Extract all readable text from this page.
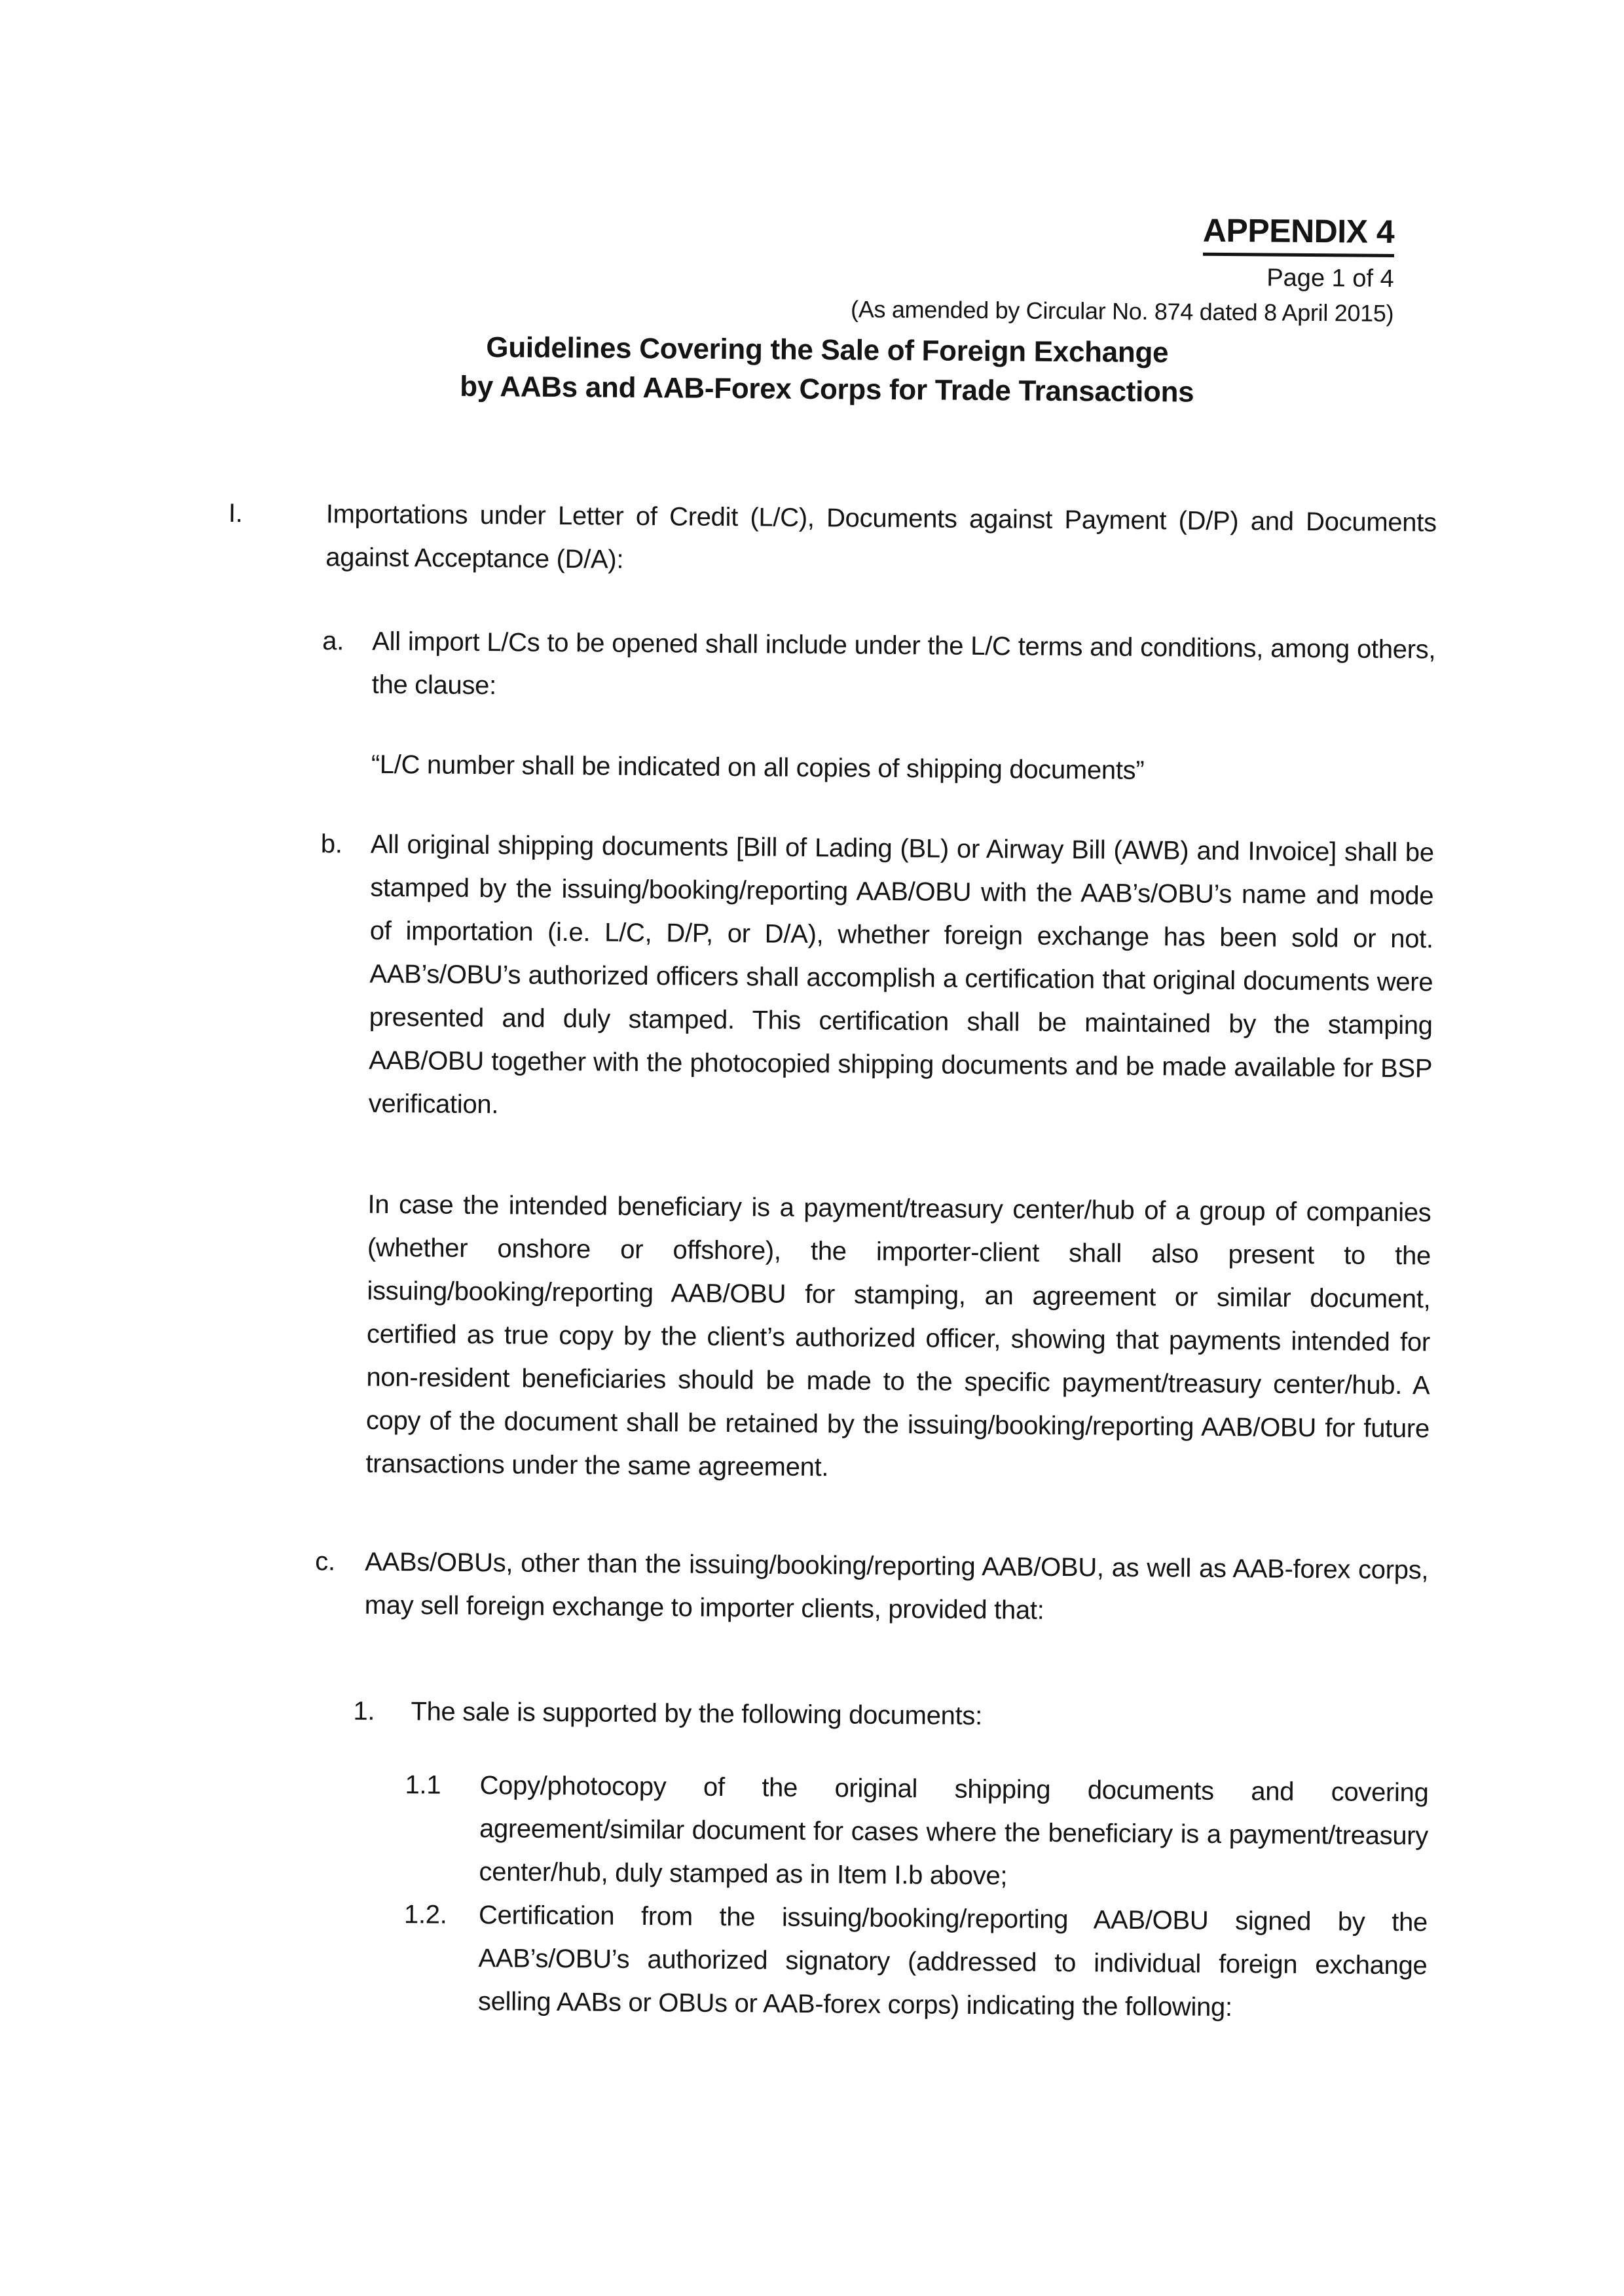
APPENDIX 4
Page 1 of 4
(As amended by Circular No. 874 dated 8 April 2015)
Guidelines Covering the Sale of Foreign Exchange
by AABs and AAB-Forex Corps for Trade Transactions
I.	Importations under Letter of Credit (L/C), Documents against Payment (D/P) and Documents against Acceptance (D/A):
a. All import L/Cs to be opened shall include under the L/C terms and conditions, among others, the clause:
“L/C number shall be indicated on all copies of shipping documents”
b. All original shipping documents [Bill of Lading (BL) or Airway Bill (AWB) and Invoice] shall be stamped by the issuing/booking/reporting AAB/OBU with the AAB’s/OBU’s name and mode of importation (i.e. L/C, D/P, or D/A), whether foreign exchange has been sold or not. AAB’s/OBU’s authorized officers shall accomplish a certification that original documents were presented and duly stamped. This certification shall be maintained by the stamping AAB/OBU together with the photocopied shipping documents and be made available for BSP verification.
In case the intended beneficiary is a payment/treasury center/hub of a group of companies (whether onshore or offshore), the importer-client shall also present to the issuing/booking/reporting AAB/OBU for stamping, an agreement or similar document, certified as true copy by the client’s authorized officer, showing that payments intended for non-resident beneficiaries should be made to the specific payment/treasury center/hub. A copy of the document shall be retained by the issuing/booking/reporting AAB/OBU for future transactions under the same agreement.
c. AABs/OBUs, other than the issuing/booking/reporting AAB/OBU, as well as AAB-forex corps, may sell foreign exchange to importer clients, provided that:
1. The sale is supported by the following documents:
1.1 Copy/photocopy of the original shipping documents and covering agreement/similar document for cases where the beneficiary is a payment/treasury center/hub, duly stamped as in Item I.b above;
1.2. Certification from the issuing/booking/reporting AAB/OBU signed by the AAB’s/OBU’s authorized signatory (addressed to individual foreign exchange selling AABs or OBUs or AAB-forex corps) indicating the following:
